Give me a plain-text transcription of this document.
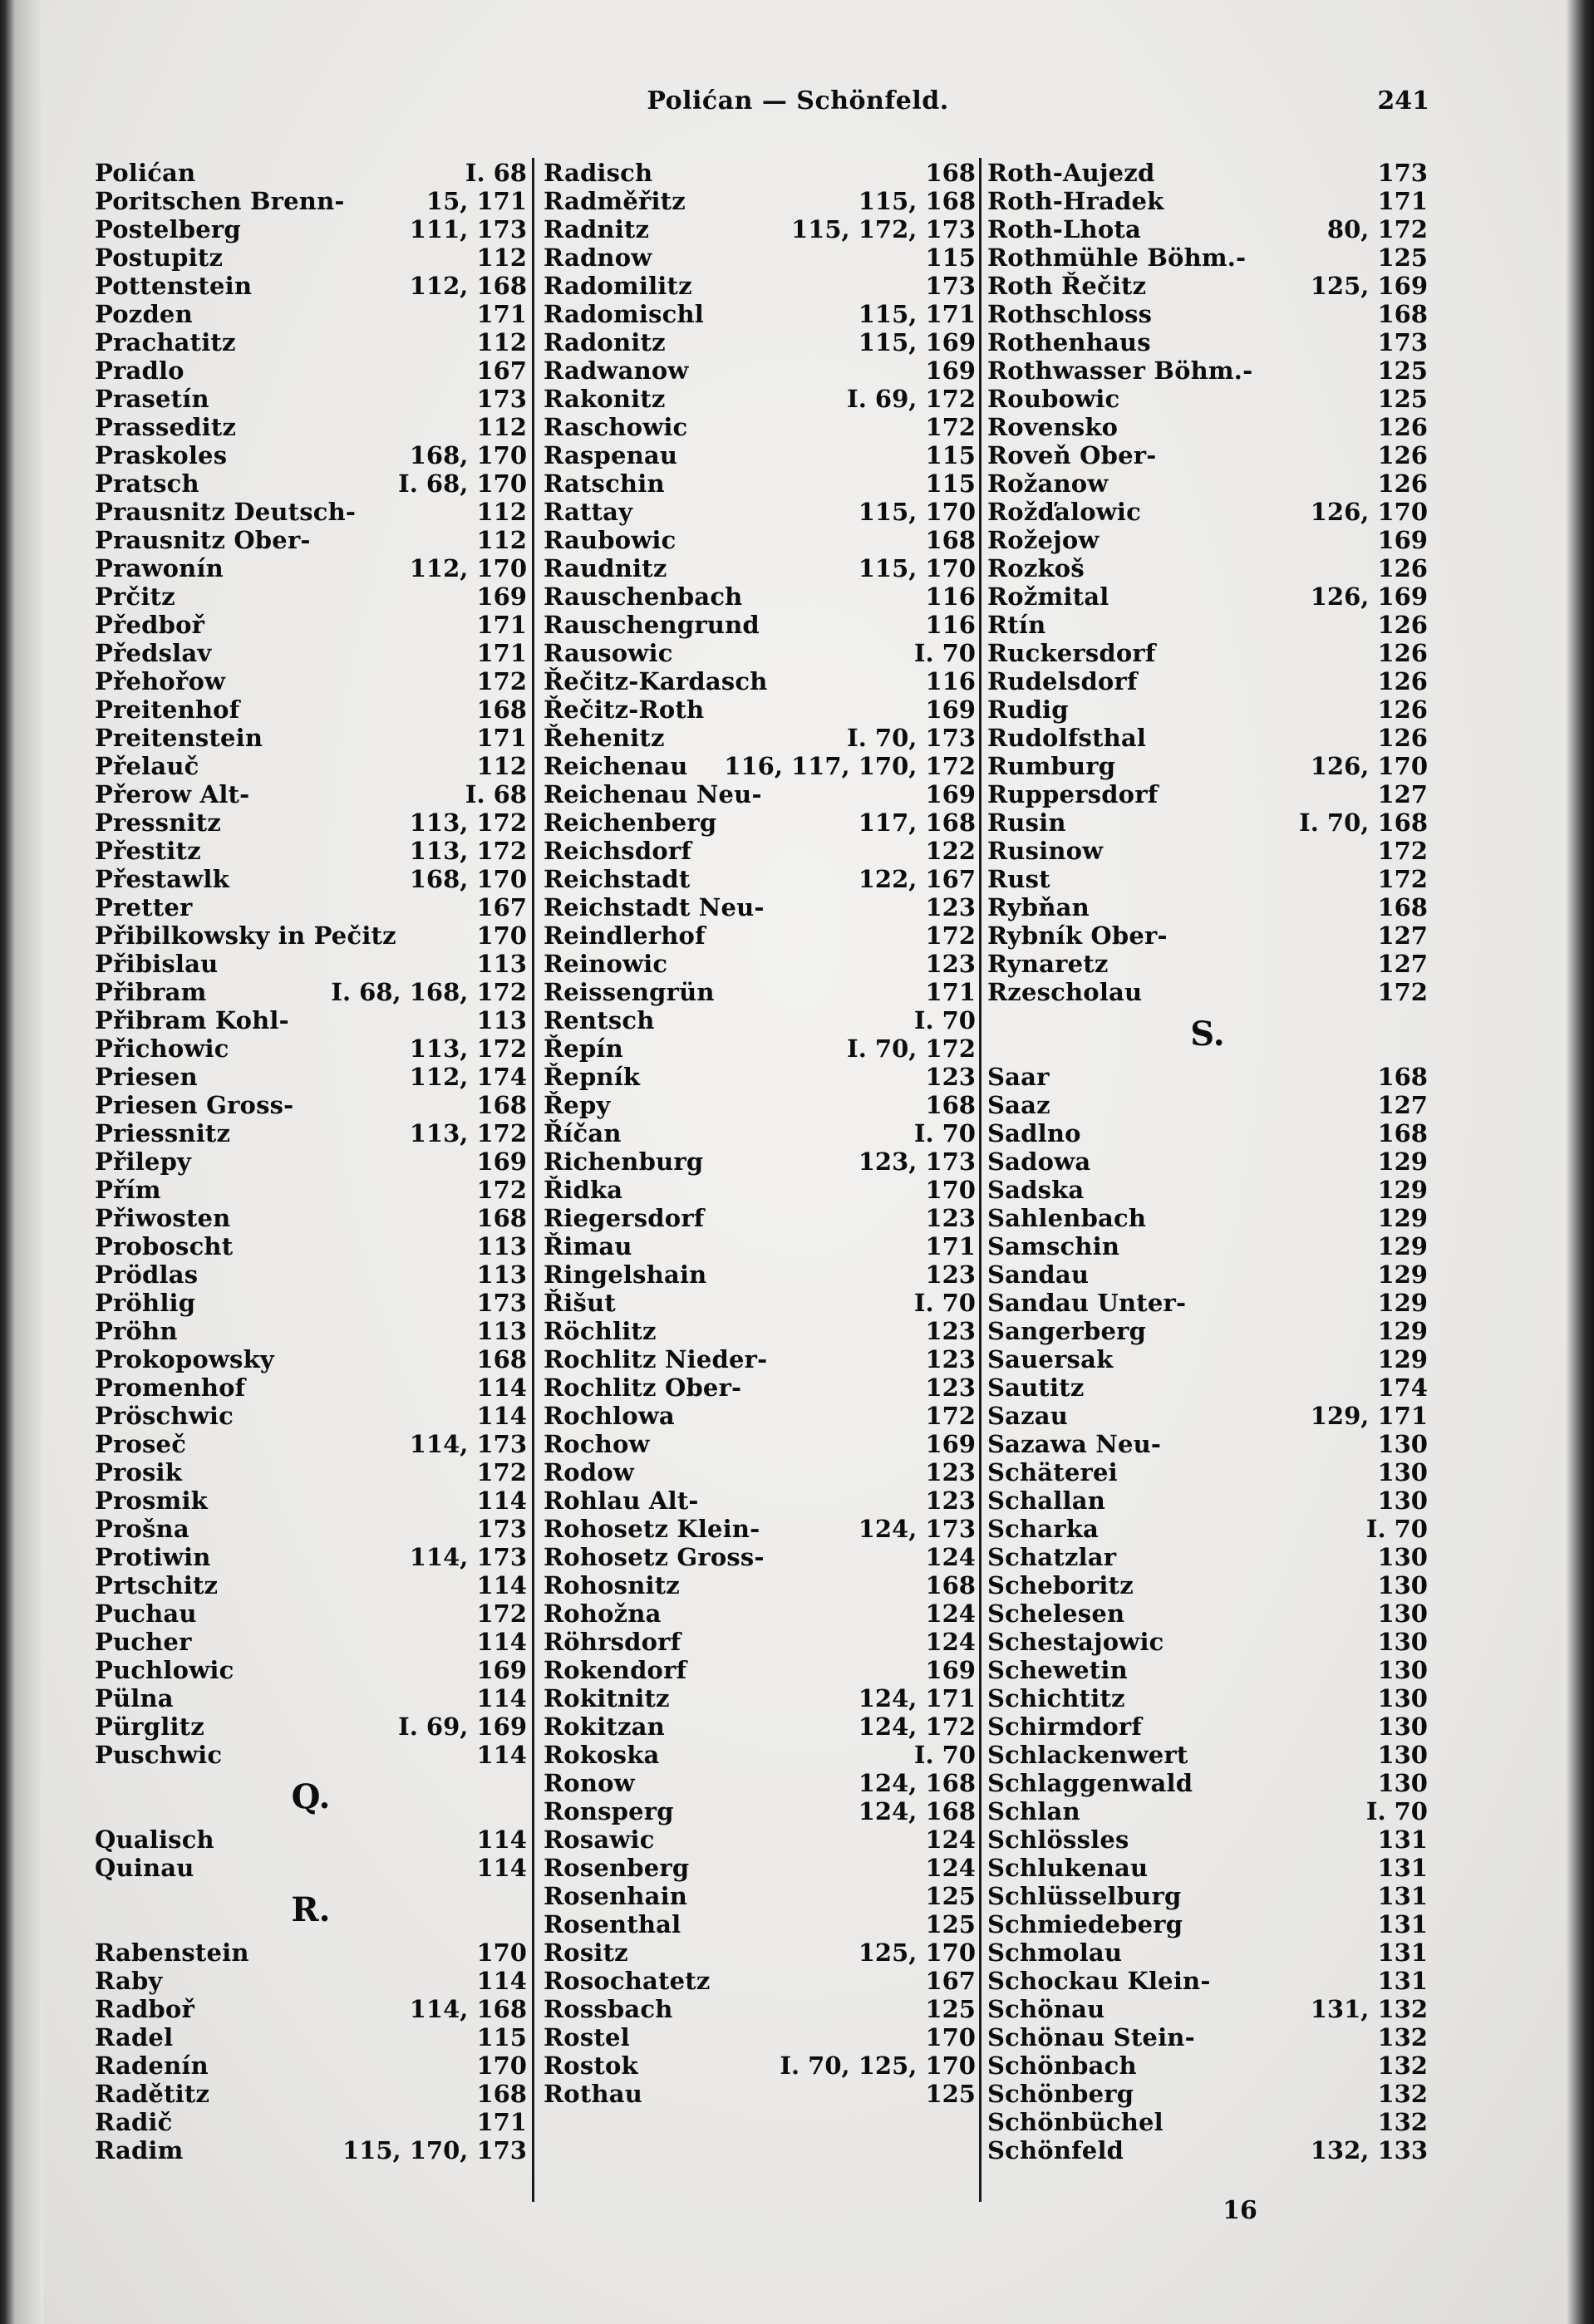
Polićan — Schönfeld.	241
Polićan	I. 68
Poritschen Brenn-	15, 171
Postelberg	111, 173
Postupitz	112
Pottenstein	112, 168
Pozden	171
Prachatitz	112
Pradlo	167
Prasetín	173
Prasseditz	112
Praskoles	168, 170
Pratsch	I. 68, 170
Prausnitz Deutsch-	112
Prausnitz Ober-	112
Prawonín	112, 170
Prčitz	169
Předboř	171
Předslav	171
Přehořow	172
Preitenhof	168
Preitenstein	171
Přelauč	112
Přerow Alt-	I. 68
Pressnitz	113, 172
Přestitz	113, 172
Přestawlk	168, 170
Pretter	167
Přibilkowsky in Pečitz	170
Přibislau	113
Přibram	I. 68, 168, 172
Přibram Kohl-	113
Přichowic	113, 172
Priesen	112, 174
Priesen Gross-	168
Priessnitz	113, 172
Přilepy	169
Přím	172
Přiwosten	168
Proboscht	113
Prödlas	113
Pröhlig	173
Pröhn	113
Prokopowsky	168
Promenhof	114
Pröschwic	114
Proseč	114, 173
Prosik	172
Prosmik	114
Prošna	173
Protiwin	114, 173
Prtschitz	114
Puchau	172
Pucher	114
Puchlowic	169
Pülna	114
Pürglitz	I. 69, 169
Puschwic	114
Q.
Qualisch	114
Quinau	114
R.
Rabenstein	170
Raby	114
Radboř	114, 168
Radel	115
Radenín	170
Radětitz	168
Radič	171
Radim	115, 170, 173
Radisch	168
Radměřitz	115, 168
Radnitz	115, 172, 173
Radnow	115
Radomilitz	173
Radomischl	115, 171
Radonitz	115, 169
Radwanow	169
Rakonitz	I. 69, 172
Raschowic	172
Raspenau	115
Ratschin	115
Rattay	115, 170
Raubowic	168
Raudnitz	115, 170
Rauschenbach	116
Rauschengrund	116
Rausowic	I. 70
Řečitz-Kardasch	116
Řečitz-Roth	169
Řehenitz	I. 70, 173
Reichenau 116, 117, 170, 172
Reichenau Neu-	169
Reichenberg	117, 168
Reichsdorf	122
Reichstadt	122, 167
Reichstadt Neu-	123
Reindlerhof	172
Reinowic	123
Reissengrün	171
Rentsch	I. 70
Řepín	I. 70, 172
Řepník	123
Řepy	168
Říčan	I. 70
Richenburg	123, 173
Řidka	170
Riegersdorf	123
Řimau	171
Ringelshain	123
Řišut	I. 70
Röchlitz	123
Rochlitz Nieder-	123
Rochlitz Ober-	123
Rochlowa	172
Rochow	169
Rodow	123
Rohlau Alt-	123
Rohosetz Klein-	124, 173
Rohosetz Gross-	124
Rohosnitz	168
Rohožna	124
Röhrsdorf	124
Rokendorf	169
Rokitnitz	124, 171
Rokitzan	124, 172
Rokoska	I. 70
Ronow	124, 168
Ronsperg	124, 168
Rosawic	124
Rosenberg	124
Rosenhain	125
Rosenthal	125
Rositz	125, 170
Rosochatetz	167
Rossbach	125
Rostel	170
Rostok	I. 70, 125, 170
Rothau	125
Roth-Aujezd	173
Roth-Hradek	171
Roth-Lhota	80, 172
Rothmühle Böhm.-	125
Roth Řečitz	125, 169
Rothschloss	168
Rothenhaus	173
Rothwasser Böhm.-	125
Roubowic	125
Rovensko	126
Roveň Ober-	126
Rožanow	126
Rožďalowic	126, 170
Rožejow	169
Rozkoš	126
Rožmital	126, 169
Rtín	126
Ruckersdorf	126
Rudelsdorf	126
Rudig	126
Rudolfsthal	126
Rumburg	126, 170
Ruppersdorf	127
Rusin	I. 70, 168
Rusinow	172
Rust	172
Rybňan	168
Rybník Ober-	127
Rynaretz	127
Rzescholau	172
S.
Saar	168
Saaz	127
Sadlno	168
Sadowa	129
Sadska	129
Sahlenbach	129
Samschin	129
Sandau	129
Sandau Unter-	129
Sangerberg	129
Sauersak	129
Sautitz	174
Sazau	129, 171
Sazawa Neu-	130
Schäterei	130
Schallan	130
Scharka	I. 70
Schatzlar	130
Scheboritz	130
Schelesen	130
Schestajowic	130
Schewetin	130
Schichtitz	130
Schirmdorf	130
Schlackenwert	130
Schlaggenwald	130
Schlan	I. 70
Schlössles	131
Schlukenau	131
Schlüsselburg	131
Schmiedeberg	131
Schmolau	131
Schockau Klein-	131
Schönau	131, 132
Schönau Stein-	132
Schönbach	132
Schönberg	132
Schönbüchel	132
Schönfeld	132, 133
16
